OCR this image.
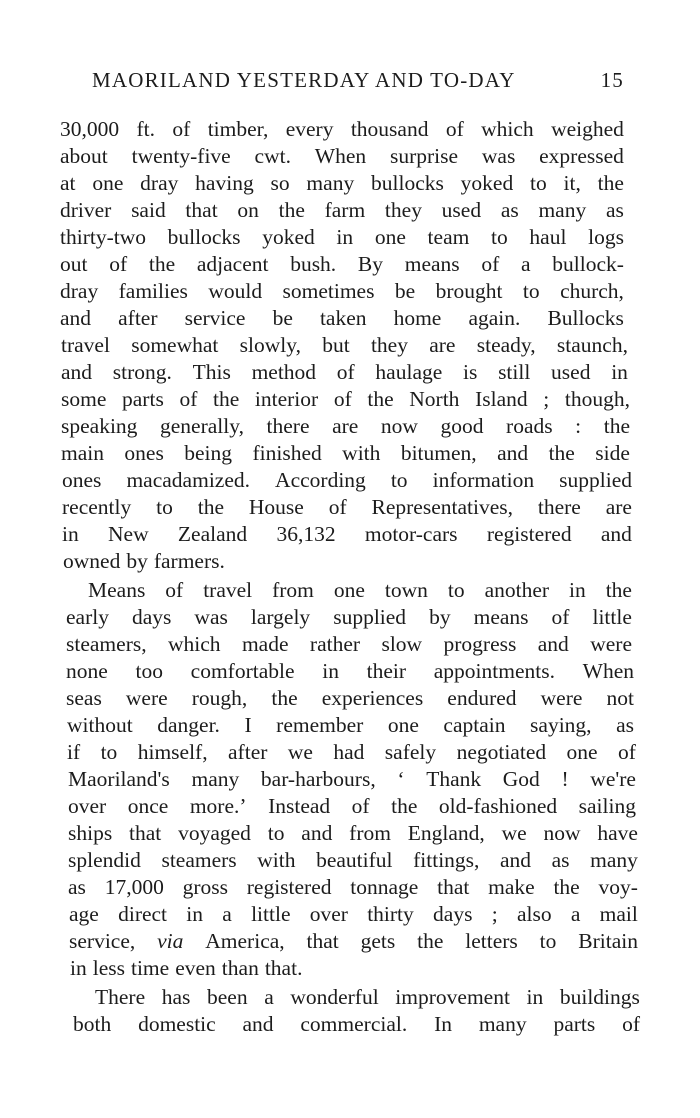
MAORILAND YESTERDAY AND TO-DAY	15
30,000 ft. of timber, every thousand of which weighed
about twenty-five cwt. When surprise was expressed
at one dray having so many bullocks yoked to it, the
driver said that on the farm they used as many as
thirty-two bullocks yoked in one team to haul logs
out of the adjacent bush. By means of a bullock-
dray families would sometimes be brought to church,
and after service be taken home again. Bullocks
travel somewhat slowly, but they are steady, staunch,
and strong. This method of haulage is still used in
some parts of the interior of the North Island ; though,
speaking generally, there are now good roads : the
main ones being finished with bitumen, and the side
ones macadamized. According to information supplied
recently to the House of Representatives, there are
in New Zealand 36,132 motor-cars registered and
owned by farmers.
Means of travel from one town to another in the
early days was largely supplied by means of little
steamers, which made rather slow progress and were
none too comfortable in their appointments. When
seas were rough, the experiences endured were not
without danger. I remember one captain saying, as
if to himself, after we had safely negotiated one of
Maoriland's many bar-harbours, ‘ Thank God ! we're
over once more.’ Instead of the old-fashioned sailing
ships that voyaged to and from England, we now have
splendid steamers with beautiful fittings, and as many
as 17,000 gross registered tonnage that make the voy-
age direct in a little over thirty days ; also a mail
service, via America, that gets the letters to Britain
in less time even than that.
There has been a wonderful improvement in buildings
both domestic and commercial. In many parts of
